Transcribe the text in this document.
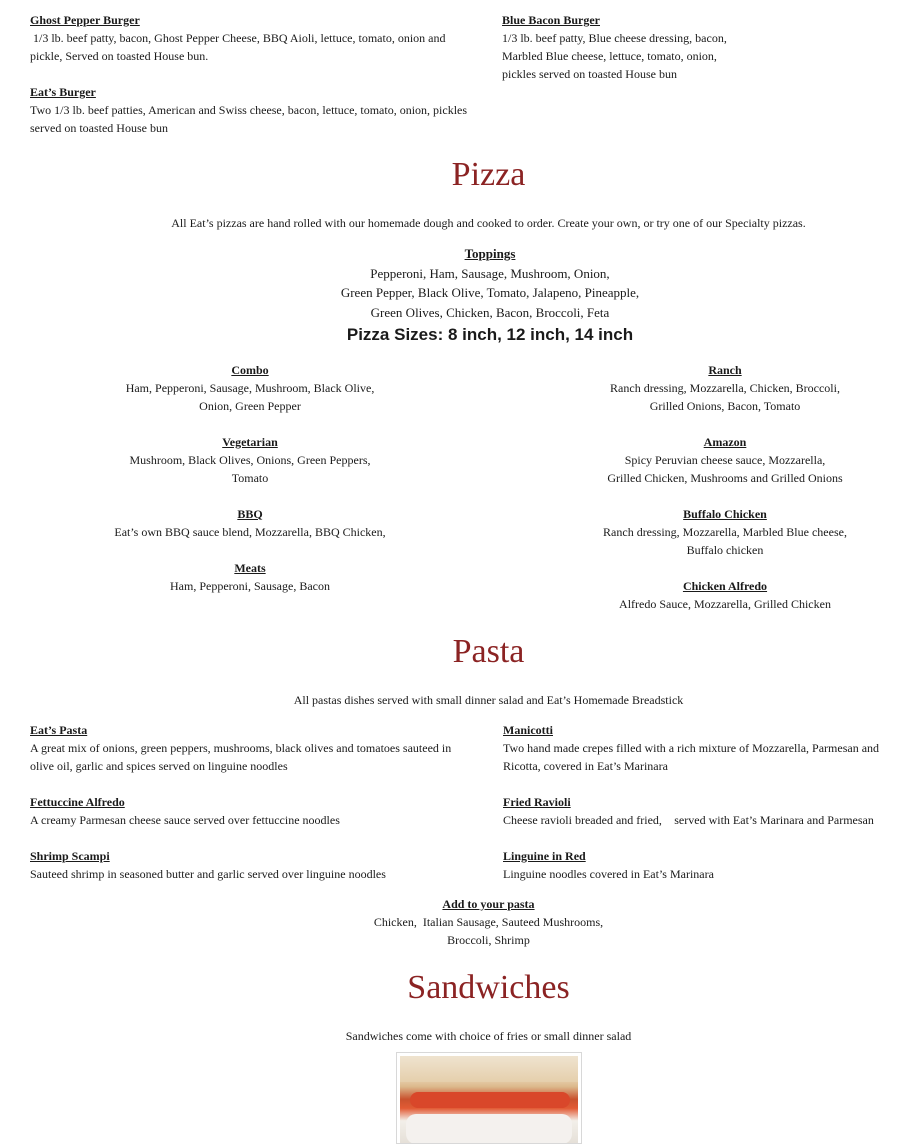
Ghost Pepper Burger
1/3 lb. beef patty, bacon, Ghost Pepper Cheese, BBQ Aioli, lettuce, tomato, onion and pickle, Served on toasted House bun.
Eat’s Burger
Two 1/3 lb. beef patties, American and Swiss cheese, bacon, lettuce, tomato, onion, pickles served on toasted House bun
Blue Bacon Burger
1/3 lb. beef patty, Blue cheese dressing, bacon,
Marbled Blue cheese, lettuce, tomato, onion,
pickles served on toasted House bun
Pizza
All Eat’s pizzas are hand rolled with our homemade dough and cooked to order. Create your own, or try one of our Specialty pizzas.
Toppings
Pepperoni, Ham, Sausage, Mushroom, Onion,
Green Pepper, Black Olive, Tomato, Jalapeno, Pineapple,
Green Olives, Chicken, Bacon, Broccoli, Feta
Pizza Sizes: 8 inch, 12 inch, 14 inch
Combo
Ham, Pepperoni, Sausage, Mushroom, Black Olive,
Onion, Green Pepper
Vegetarian
Mushroom, Black Olives, Onions, Green Peppers,
Tomato
BBQ
Eat’s own BBQ sauce blend, Mozzarella, BBQ Chicken,
Meats
Ham, Pepperoni, Sausage, Bacon
Ranch
Ranch dressing, Mozzarella, Chicken, Broccoli,
Grilled Onions, Bacon, Tomato
Amazon
Spicy Peruvian cheese sauce, Mozzarella,
Grilled Chicken, Mushrooms and Grilled Onions
Buffalo Chicken
Ranch dressing, Mozzarella, Marbled Blue cheese,
Buffalo chicken
Chicken Alfredo
Alfredo Sauce, Mozzarella, Grilled Chicken
Pasta
All pastas dishes served with small dinner salad and Eat’s Homemade Breadstick
Eat’s Pasta
A great mix of onions, green peppers, mushrooms, black olives and tomatoes sauteed in olive oil, garlic and spices served on linguine noodles
Fettuccine Alfredo
A creamy Parmesan cheese sauce served over fettuccine noodles
Shrimp Scampi
Sauteed shrimp in seasoned butter and garlic served over linguine noodles
Manicotti
Two hand made crepes filled with a rich mixture of Mozzarella, Parmesan and Ricotta, covered in Eat’s Marinara
Fried Ravioli
Cheese ravioli breaded and fried,  served with Eat’s Marinara and Parmesan
Linguine in Red
Linguine noodles covered in Eat’s Marinara
Add to your pasta
Chicken,  Italian Sausage, Sauteed Mushrooms,
Broccoli, Shrimp
Sandwiches
Sandwiches come with choice of fries or small dinner salad
